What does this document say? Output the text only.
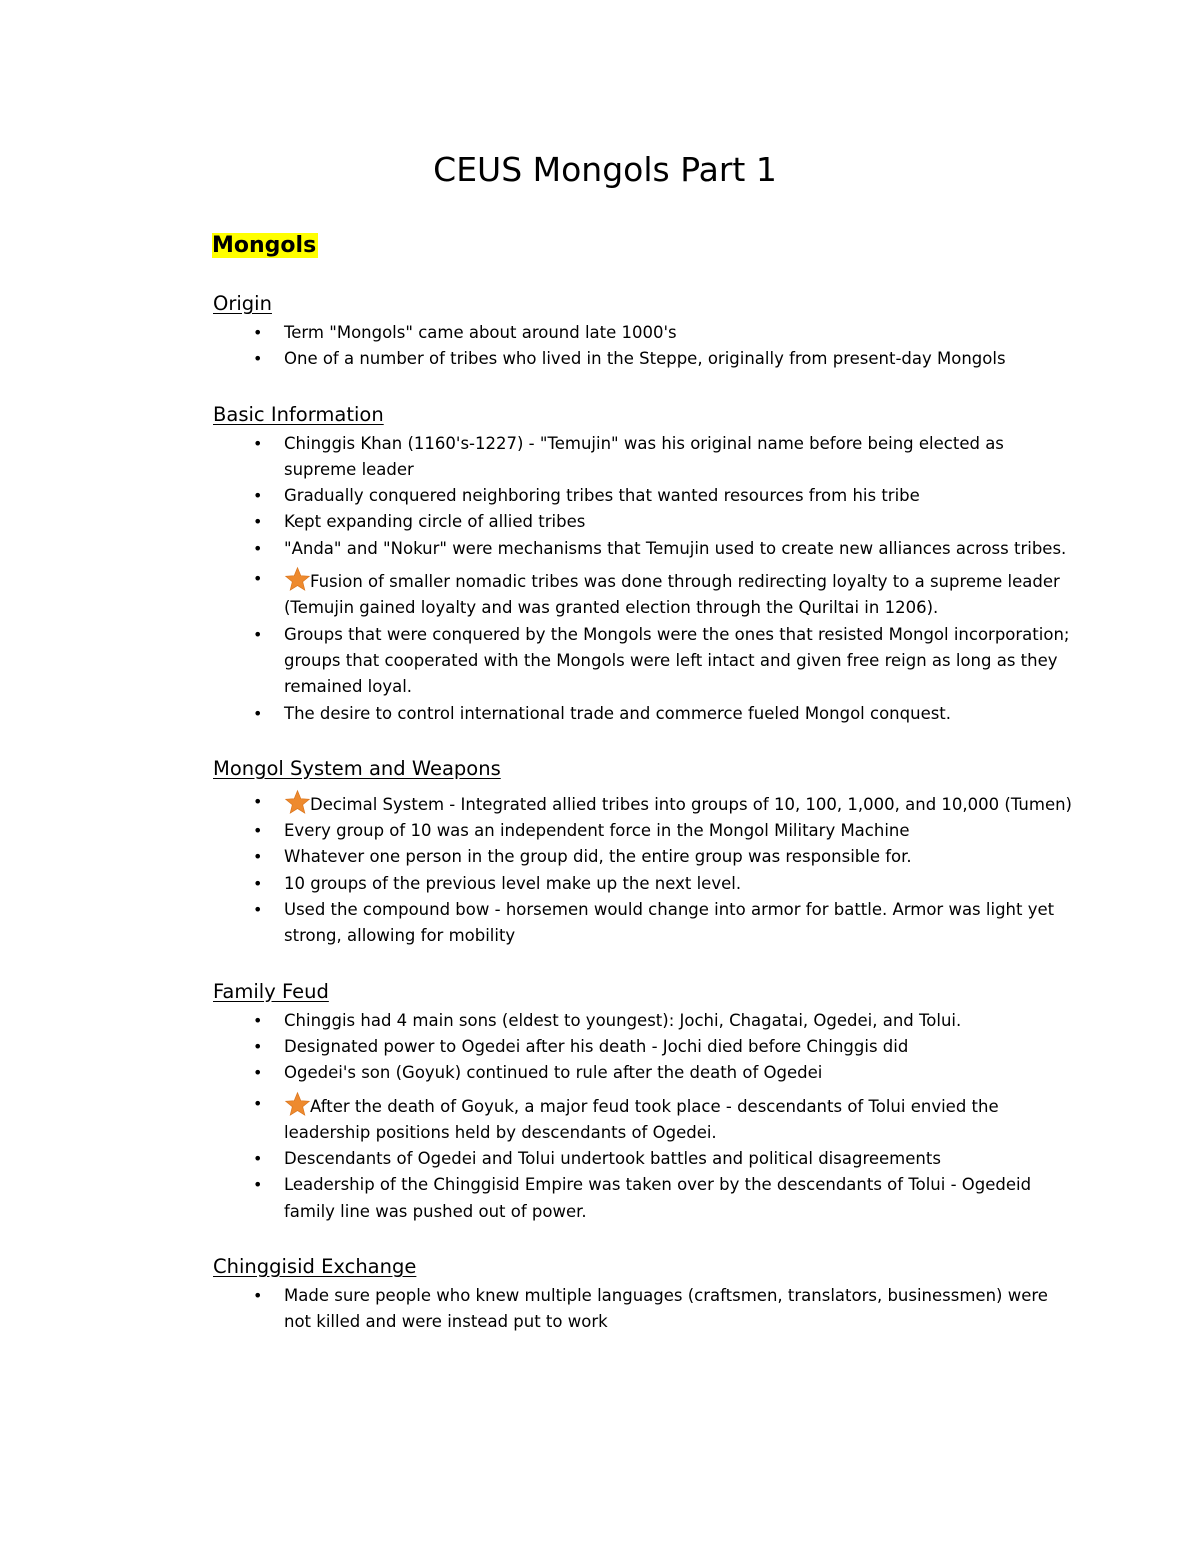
CEUS Mongols Part 1
Mongols
Origin
• Term "Mongols" came about around late 1000's
• One of a number of tribes who lived in the Steppe, originally from present-day Mongols
Basic Information
• Chinggis Khan (1160's-1227) - "Temujin" was his original name before being elected as supreme leader
• Gradually conquered neighboring tribes that wanted resources from his tribe
• Kept expanding circle of allied tribes
• "Anda" and "Nokur" were mechanisms that Temujin used to create new alliances across tribes.
•	Fusion of smaller nomadic tribes was done through redirecting loyalty to a supreme leader (Temujin gained loyalty and was granted election through the Quriltai in 1206).
• Groups that were conquered by the Mongols were the ones that resisted Mongol incorporation; groups that cooperated with the Mongols were left intact and given free reign as long as they remained loyal.
• The desire to control international trade and commerce fueled Mongol conquest.
Mongol System and Weapons
•	Decimal System - Integrated allied tribes into groups of 10, 100, 1,000, and 10,000 (Tumen)
• Every group of 10 was an independent force in the Mongol Military Machine
• Whatever one person in the group did, the entire group was responsible for.
• 10 groups of the previous level make up the next level.
• Used the compound bow - horsemen would change into armor for battle. Armor was light yet strong, allowing for mobility
Family Feud
• Chinggis had 4 main sons (eldest to youngest): Jochi, Chagatai, Ogedei, and Tolui.
• Designated power to Ogedei after his death - Jochi died before Chinggis did
• Ogedei's son (Goyuk) continued to rule after the death of Ogedei
•	After the death of Goyuk, a major feud took place - descendants of Tolui envied the leadership positions held by descendants of Ogedei.
• Descendants of Ogedei and Tolui undertook battles and political disagreements
• Leadership of the Chinggisid Empire was taken over by the descendants of Tolui - Ogedeid family line was pushed out of power.
Chinggisid Exchange
• Made sure people who knew multiple languages (craftsmen, translators, businessmen) were not killed and were instead put to work
